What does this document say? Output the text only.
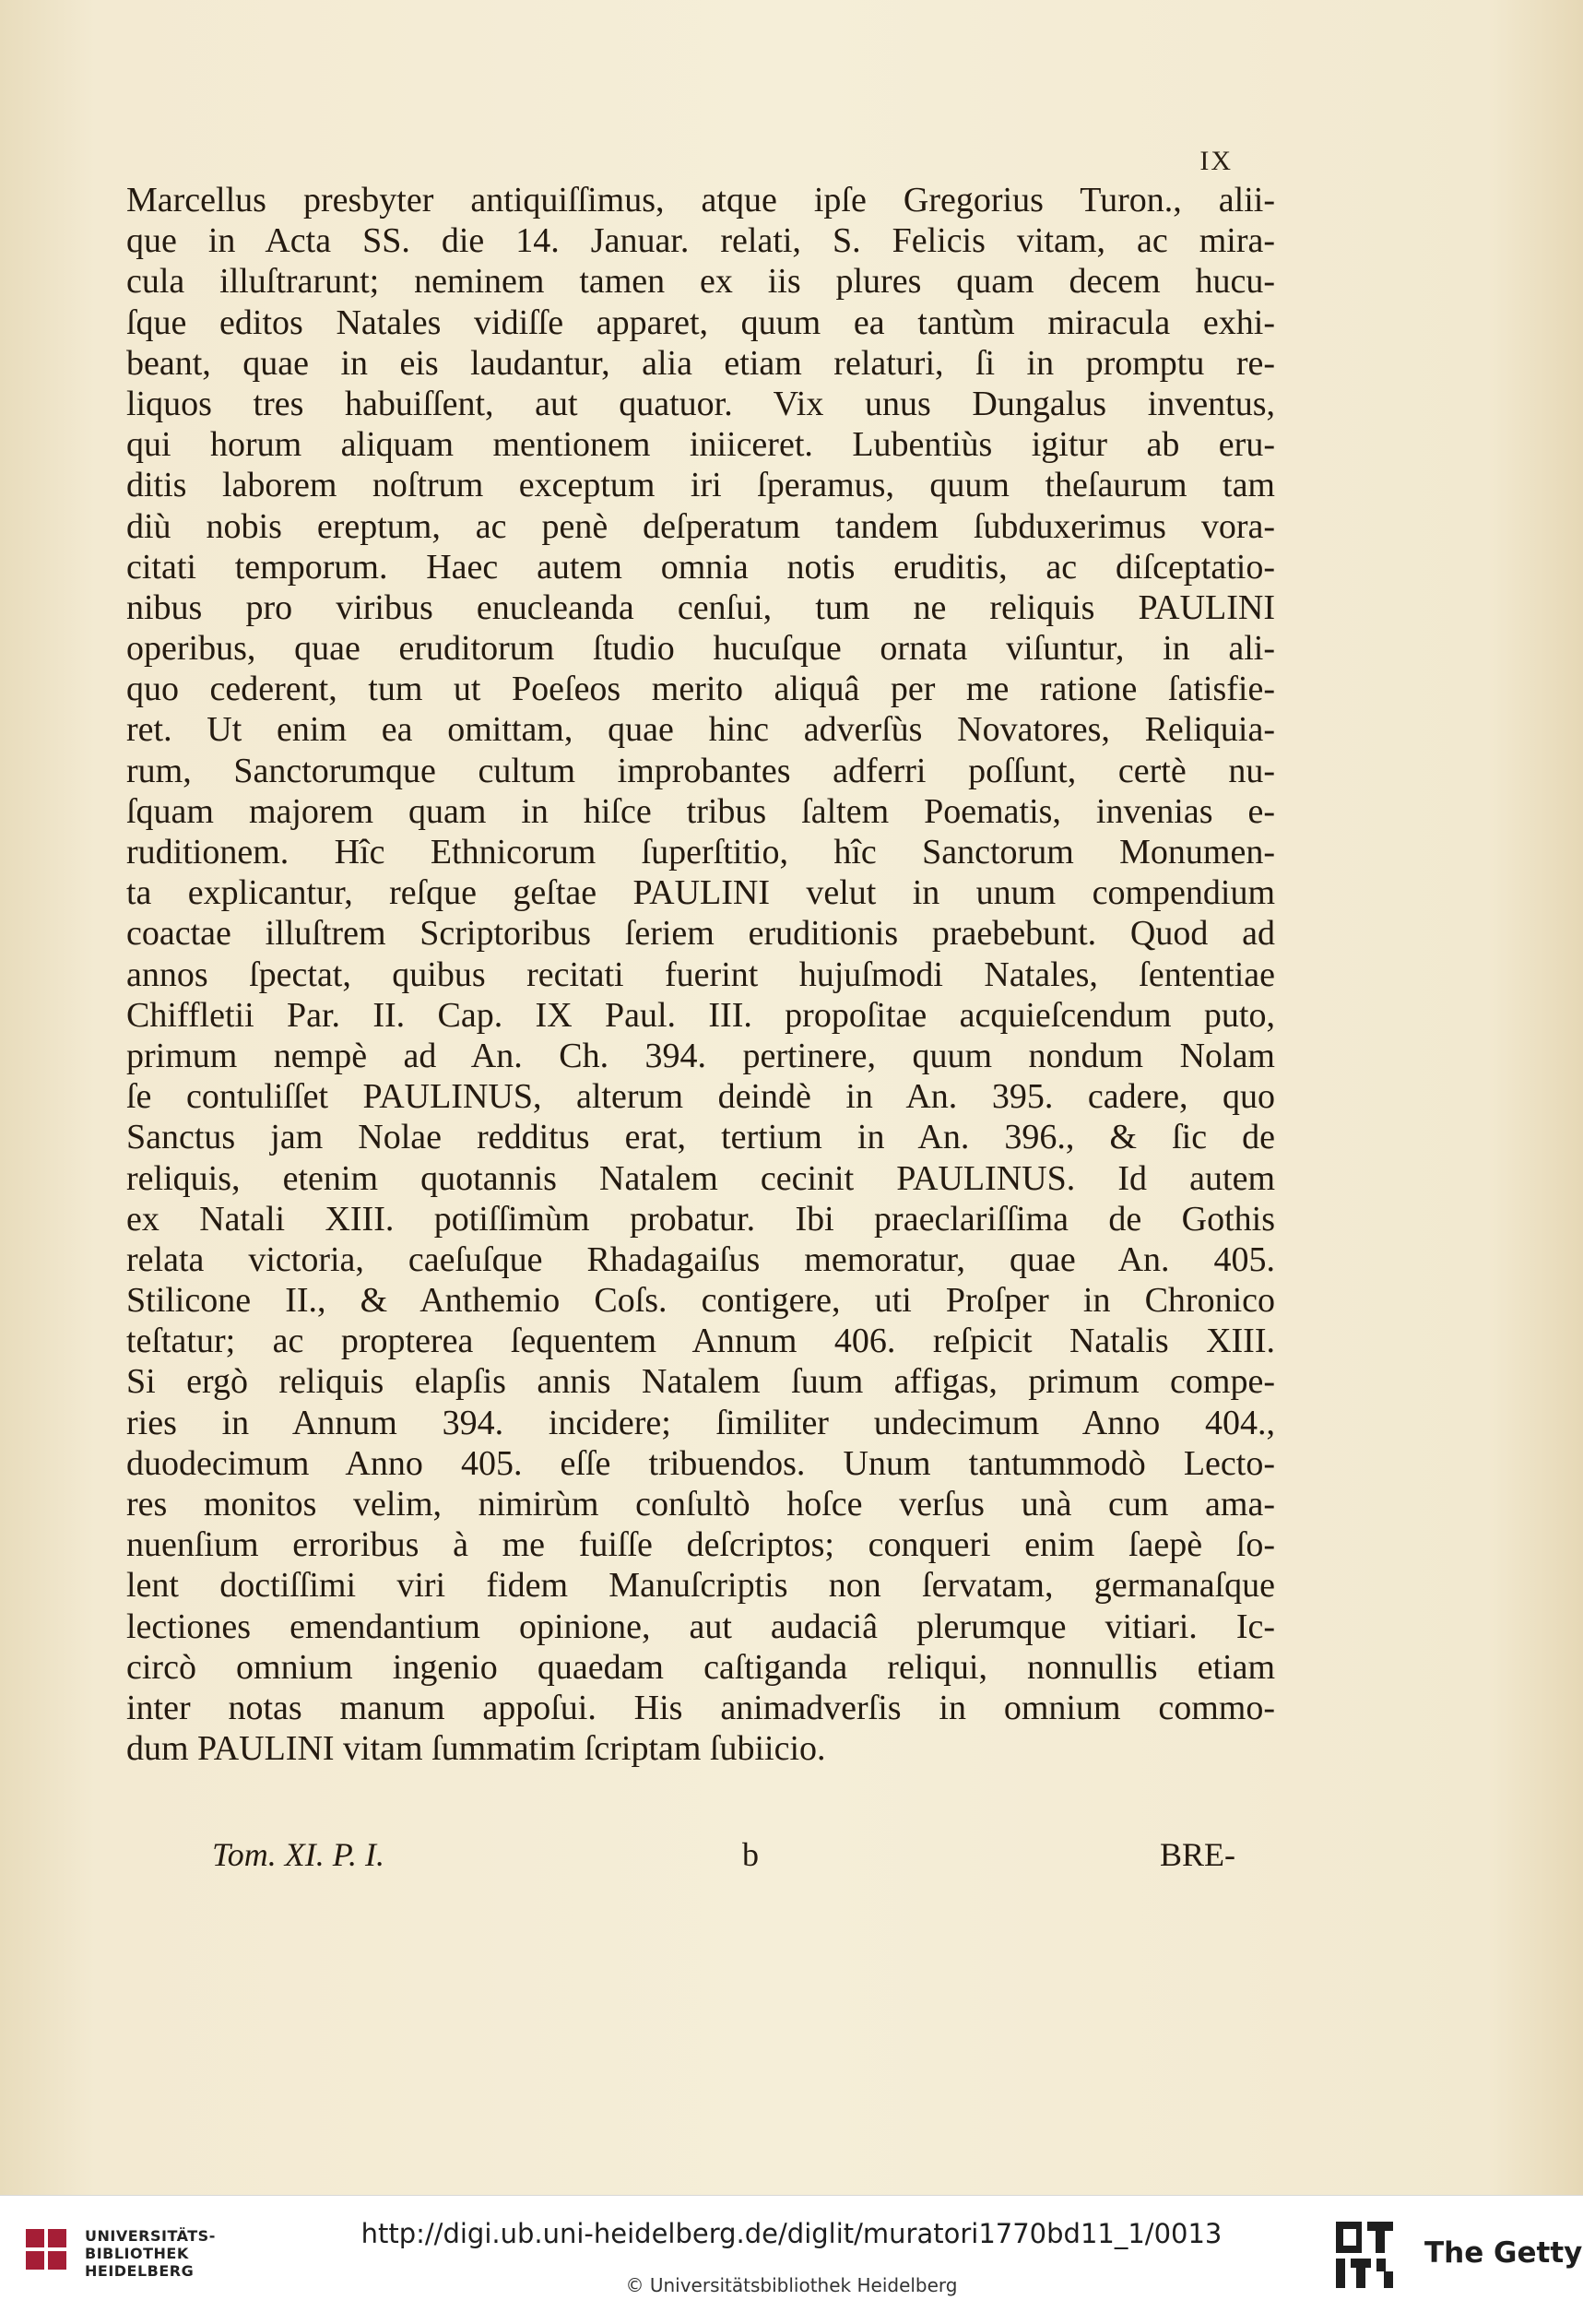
IX
Marcellus presbyter antiquiſſimus, atque ipſe Gregorius Turon., alii-
que in Acta SS. die 14. Januar. relati, S. Felicis vitam, ac mira-
cula illuſtrarunt; neminem tamen ex iis plures quam decem hucu-
ſque editos Natales vidiſſe apparet, quum ea tantùm miracula exhi-
beant, quae in eis laudantur, alia etiam relaturi, ſi in promptu re-
liquos tres habuiſſent, aut quatuor. Vix unus Dungalus inventus,
qui horum aliquam mentionem iniiceret. Lubentiùs igitur ab eru-
ditis laborem noſtrum exceptum iri ſperamus, quum theſaurum tam
diù nobis ereptum, ac penè deſperatum tandem ſubduxerimus vora-
citati temporum. Haec autem omnia notis eruditis, ac diſceptatio-
nibus pro viribus enucleanda cenſui, tum ne reliquis PAULINI
operibus, quae eruditorum ſtudio hucuſque ornata viſuntur, in ali-
quo cederent, tum ut Poeſeos merito aliquâ per me ratione ſatisfie-
ret. Ut enim ea omittam, quae hinc adverſùs Novatores, Reliquia-
rum, Sanctorumque cultum improbantes adferri poſſunt, certè nu-
ſquam majorem quam in hiſce tribus ſaltem Poematis, invenias e-
ruditionem. Hîc Ethnicorum ſuperſtitio, hîc Sanctorum Monumen-
ta explicantur, reſque geſtae PAULINI velut in unum compendium
coactae illuſtrem Scriptoribus ſeriem eruditionis praebebunt. Quod ad
annos ſpectat, quibus recitati fuerint hujuſmodi Natales, ſententiae
Chiffletii Par. II. Cap. IX Paul. III. propoſitae acquieſcendum puto,
primum nempè ad An. Ch. 394. pertinere, quum nondum Nolam
ſe contuliſſet PAULINUS, alterum deindè in An. 395. cadere, quo
Sanctus jam Nolae redditus erat, tertium in An. 396., & ſic de
reliquis, etenim quotannis Natalem cecinit PAULINUS. Id autem
ex Natali XIII. potiſſimùm probatur. Ibi praeclariſſima de Gothis
relata victoria, caeſuſque Rhadagaiſus memoratur, quae An. 405.
Stilicone II., & Anthemio Coſs. contigere, uti Proſper in Chronico
teſtatur; ac propterea ſequentem Annum 406. reſpicit Natalis XIII.
Si ergò reliquis elapſis annis Natalem ſuum affigas, primum compe-
ries in Annum 394. incidere; ſimiliter undecimum Anno 404.,
duodecimum Anno 405. eſſe tribuendos. Unum tantummodò Lecto-
res monitos velim, nimirùm conſultò hoſce verſus unà cum ama-
nuenſium erroribus à me fuiſſe deſcriptos; conqueri enim ſaepè ſo-
lent doctiſſimi viri fidem Manuſcriptis non ſervatam, germanaſque
lectiones emendantium opinione, aut audaciâ plerumque vitiari. Ic-
circò omnium ingenio quaedam caſtiganda reliqui, nonnullis etiam
inter notas manum appoſui. His animadverſis in omnium commo-
dum PAULINI vitam ſummatim ſcriptam ſubiicio.
Tom. XI. P. I.	b	BRE-
UNIVERSITÄTS-
BIBLIOTHEK
HEIDELBERG
http://digi.ub.uni-heidelberg.de/diglit/muratori1770bd11_1/0013
© Universitätsbibliothek Heidelberg
The Getty
